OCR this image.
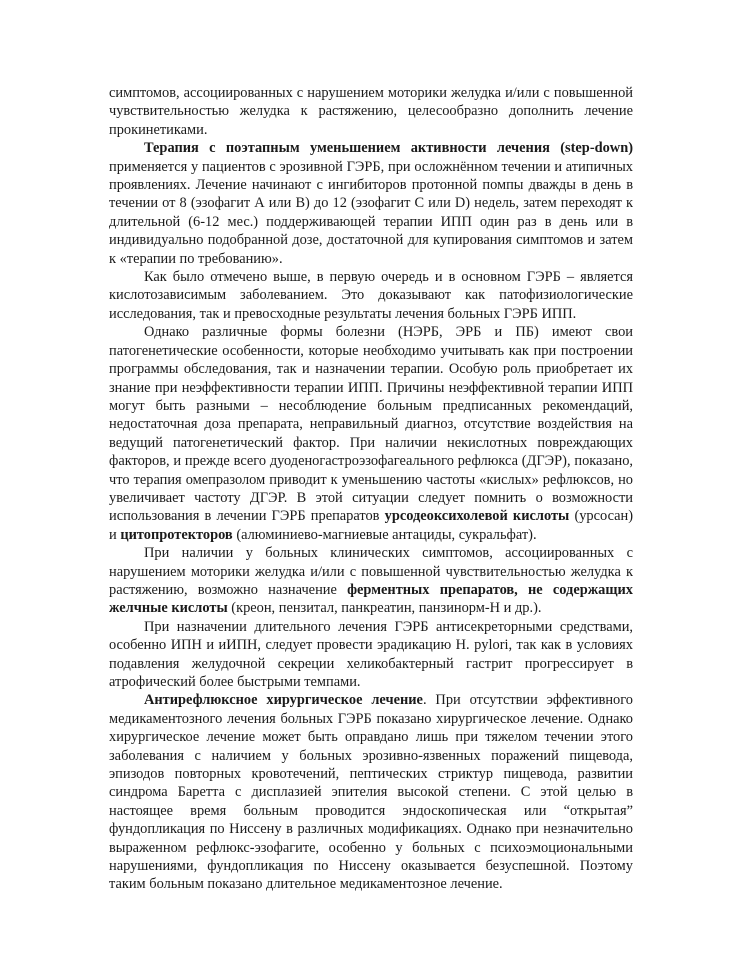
симптомов, ассоциированных с нарушением моторики желудка и/или с повышенной чувствительностью желудка к растяжению, целесообразно дополнить лечение прокинетиками.

Терапия с поэтапным уменьшением активности лечения (step-down) применяется у пациентов с эрозивной ГЭРБ, при осложнённом течении и атипичных проявлениях. Лечение начинают с ингибиторов протонной помпы дважды в день в течении от 8 (эзофагит А или В) до 12 (эзофагит С или D) недель, затем переходят к длительной (6-12 мес.) поддерживающей терапии ИПП один раз в день или в индивидуально подобранной дозе, достаточной для купирования симптомов и затем к «терапии по требованию».

Как было отмечено выше, в первую очередь и в основном ГЭРБ – является кислотозависимым заболеванием. Это доказывают как патофизиологические исследования, так и превосходные результаты лечения больных ГЭРБ ИПП.

Однако различные формы болезни (НЭРБ, ЭРБ и ПБ) имеют свои патогенетические особенности, которые необходимо учитывать как при построении программы обследования, так и назначении терапии. Особую роль приобретает их знание при неэффективности терапии ИПП. Причины неэффективной терапии ИПП могут быть разными – несоблюдение больным предписанных рекомендаций, недостаточная доза препарата, неправильный диагноз, отсутствие воздействия на ведущий патогенетический фактор. При наличии некислотных повреждающих факторов, и прежде всего дуоденогастроэзофагеального рефлюкса (ДГЭР), показано, что терапия омепразолом приводит к уменьшению частоты «кислых» рефлюксов, но увеличивает частоту ДГЭР. В этой ситуации следует помнить о возможности использования в лечении ГЭРБ препаратов урсодеоксихолевой кислоты (урсосан) и цитопротекторов (алюминиево-магниевые антациды, сукральфат).

При наличии у больных клинических симптомов, ассоциированных с нарушением моторики желудка и/или с повышенной чувствительностью желудка к растяжению, возможно назначение ферментных препаратов, не содержащих желчные кислоты (креон, пензитал, панкреатин, панзинорм-Н и др.).

При назначении длительного лечения ГЭРБ антисекреторными средствами, особенно ИПН и иИПН, следует провести эрадикацию H. pylori, так как в условиях подавления желудочной секреции хеликобактерный гастрит прогрессирует в атрофический более быстрыми темпами.

Антирефлюксное хирургическое лечение. При отсутствии эффективного медикаментозного лечения больных ГЭРБ показано хирургическое лечение. Однако хирургическое лечение может быть оправдано лишь при тяжелом течении этого заболевания с наличием у больных эрозивно-язвенных поражений пищевода, эпизодов повторных кровотечений, пептических стриктур пищевода, развитии синдрома Баретта с дисплазией эпителия высокой степени. С этой целью в настоящее время больным проводится эндоскопическая или “открытая” фундопликация по Ниссену в различных модификациях. Однако при незначительно выраженном рефлюкс-эзофагите, особенно у больных с психоэмоциональными нарушениями, фундопликация по Ниссену оказывается безуспешной. Поэтому таким больным показано длительное медикаментозное лечение.
